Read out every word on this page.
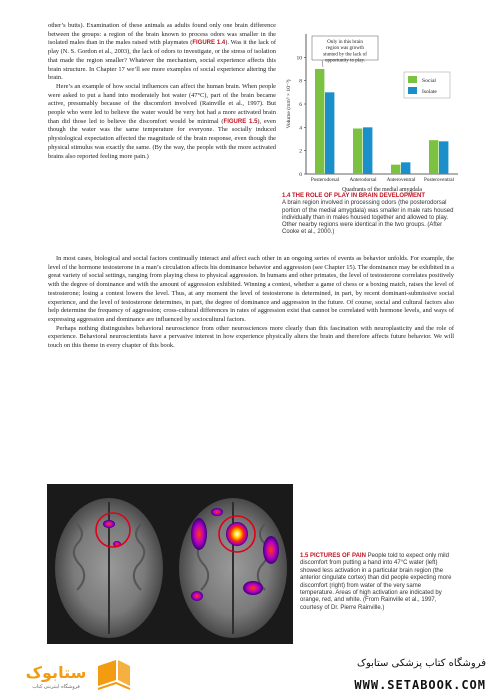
other’s butts). Examination of these animals as adults found only one brain difference between the groups: a region of the brain known to process odors was smaller in the isolated males than in the males raised with playmates (FIGURE 1.4). Was it the lack of play (N. S. Gordon et al., 2003), the lack of odors to investigate, or the stress of isolation that made the region smaller? Whatever the mechanism, social experience affects this brain structure. In Chapter 17 we’ll see more examples of social experience altering the brain.

Here’s an example of how social influences can affect the human brain. When people were asked to put a hand into moderately hot water (47°C), part of the brain became active, presumably because of the discomfort involved (Rainville et al., 1997). But people who were led to believe the water would be very hot had a more activated brain than did those led to believe the discomfort would be minimal (FIGURE 1.5), even though the water was the same temperature for everyone. The socially induced physiological expectation affected the magnitude of the brain response, even though the physical stimulus was exactly the same. (By the way, the people with the more activated brains also reported feeling more pain.)

0
2
4
6
8
10
Volume (mm³ × 10⁻³)
Posterodorsal Anterodorsal Anteroventral Posteroventral
Quadrants of the medial amygdala
Social
Isolate
Only in this brain
region was growth
stunted by the lack of
opportunity to play.
1.4 THE ROLE OF PLAY IN BRAIN DEVELOPMENT
A brain region involved in processing odors (the posterodorsal portion of the medial amygdala) was smaller in male rats housed individually than in males housed together and allowed to play. Other nearby regions were identical in the two groups. (After Cooke et al., 2000.)

In most cases, biological and social factors continually interact and affect each other in an ongoing series of events as behavior unfolds. For example, the level of the hormone testosterone in a man’s circulation affects his dominance behavior and aggression (see Chapter 15). The dominance may be exhibited in a great variety of social settings, ranging from playing chess to physical aggression. In humans and other primates, the level of testosterone correlates positively with the degree of dominance and with the amount of aggression exhibited. Winning a contest, whether a game of chess or a boxing match, raises the level of testosterone; losing a contest lowers the level. Thus, at any moment the level of testosterone is determined, in part, by recent dominant-submissive social experience, and the level of testosterone determines, in part, the degree of dominance and aggression in the future. Of course, social and cultural factors also help determine the frequency of aggression; cross-cultural differences in rates of aggression exist that cannot be correlated with hormone levels, and ways of expressing aggression and dominance are influenced by sociocultural factors.

Perhaps nothing distinguishes behavioral neuroscience from other neurosciences more clearly than this fascination with neuroplasticity and the role of experience. Behavioral neuroscientists have a pervasive interest in how experience physically alters the brain and therefore affects future behavior. We will touch on this theme in every chapter of this book.

1.5 PICTURES OF PAIN People told to expect only mild discomfort from putting a hand into 47°C water (left) showed less activation in a particular brain region (the anterior cingulate cortex) than did people expecting more discomfort (right) from water of the very same temperature. Areas of high activation are indicated by orange, red, and white. (From Rainville et al., 1997, courtesy of Dr. Pierre Rainville.)
ستابوک
فروشگاه اینترنتی کتاب
فروشگاه کتاب پزشکی ستابوک
WWW.SETABOOK.COM
